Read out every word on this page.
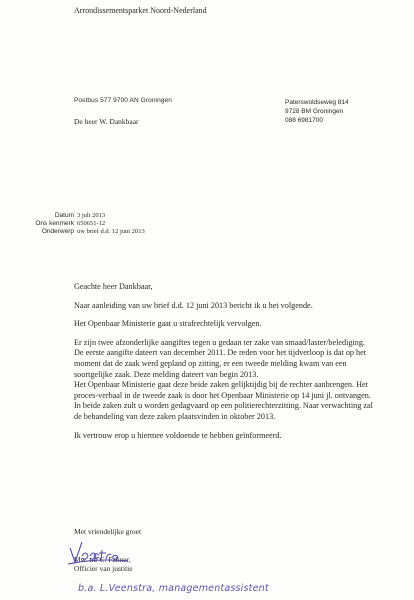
Arrondissementsparket Noord-Nederland
Postbus 577 9700 AN Groningen
De heer W. Dankbaar
Paterswoldseweg 814
9728 BM Groningen
088 6981700
Datum
Ons kenmerk
Onderwerp
3 juli 2013
650651-12
uw brief d.d. 12 juni 2013

Geachte heer Dankbaar,

Naar aanleiding van uw brief d.d. 12 juni 2013 bericht ik u het volgende.

Het Openbaar Ministerie gaat u strafrechtelijk vervolgen.

Er zijn twee afzonderlijke aangiftes tegen u gedaan ter zake van smaad/laster/belediging. De eerste aangifte dateert van december 2011. De reden voor het tijdverloop is dat op het moment dat de zaak werd gepland op zitting, er een tweede melding kwam van een soortgelijke zaak. Deze melding dateert van begin 2013.

Het Openbaar Ministerie gaat deze beide zaken gelijktijdig bij de rechter aanbrengen. Het proces-verbaal in de tweede zaak is door het Openbaar Ministerie op 14 juni jl. ontvangen. In beide zaken zult u worden gedagvaard op een politierechterzitting. Naar verwachting zal de behandeling van deze zaken plaatsvinden in oktober 2013.

Ik vertrouw erop u hiermee voldoende te hebben geïnformeerd.

Met vriendelijke groet
Mw. mr C. Fahner,
Officier van justitie
b.a. L.Veenstra, managementassistent
